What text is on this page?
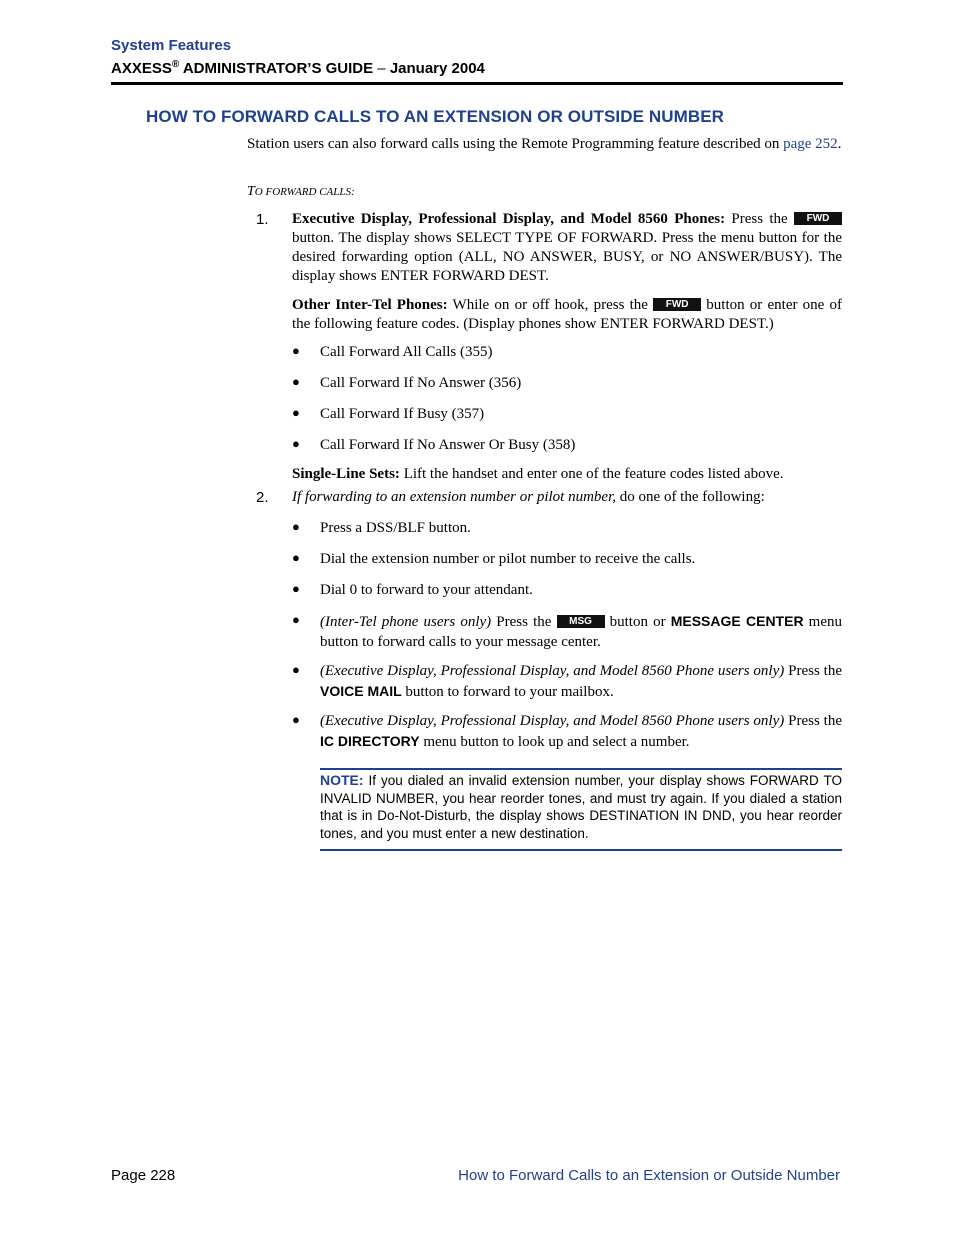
System Features
AXXESS® ADMINISTRATOR’S GUIDE – January 2004
HOW TO FORWARD CALLS TO AN EXTENSION OR OUTSIDE NUMBER
Station users can also forward calls using the Remote Programming feature described on page 252.
TO FORWARD CALLS:
1. Executive Display, Professional Display, and Model 8560 Phones: Press the FWD button. The display shows SELECT TYPE OF FORWARD. Press the menu button for the desired forwarding option (ALL, NO ANSWER, BUSY, or NO ANSWER/BUSY). The display shows ENTER FORWARD DEST.
Other Inter-Tel Phones: While on or off hook, press the FWD button or enter one of the following feature codes. (Display phones show ENTER FORWARD DEST.)
● Call Forward All Calls (355)
● Call Forward If No Answer (356)
● Call Forward If Busy (357)
● Call Forward If No Answer Or Busy (358)
Single-Line Sets: Lift the handset and enter one of the feature codes listed above.
2. If forwarding to an extension number or pilot number, do one of the following:
● Press a DSS/BLF button.
● Dial the extension number or pilot number to receive the calls.
● Dial 0 to forward to your attendant.
● (Inter-Tel phone users only) Press the MSG button or MESSAGE CENTER menu button to forward calls to your message center.
● (Executive Display, Professional Display, and Model 8560 Phone users only) Press the VOICE MAIL button to forward to your mailbox.
● (Executive Display, Professional Display, and Model 8560 Phone users only) Press the IC DIRECTORY menu button to look up and select a number.
NOTE: If you dialed an invalid extension number, your display shows FORWARD TO INVALID NUMBER, you hear reorder tones, and must try again. If you dialed a station that is in Do-Not-Disturb, the display shows DESTINATION IN DND, you hear reorder tones, and you must enter a new destination.
Page 228	How to Forward Calls to an Extension or Outside Number
